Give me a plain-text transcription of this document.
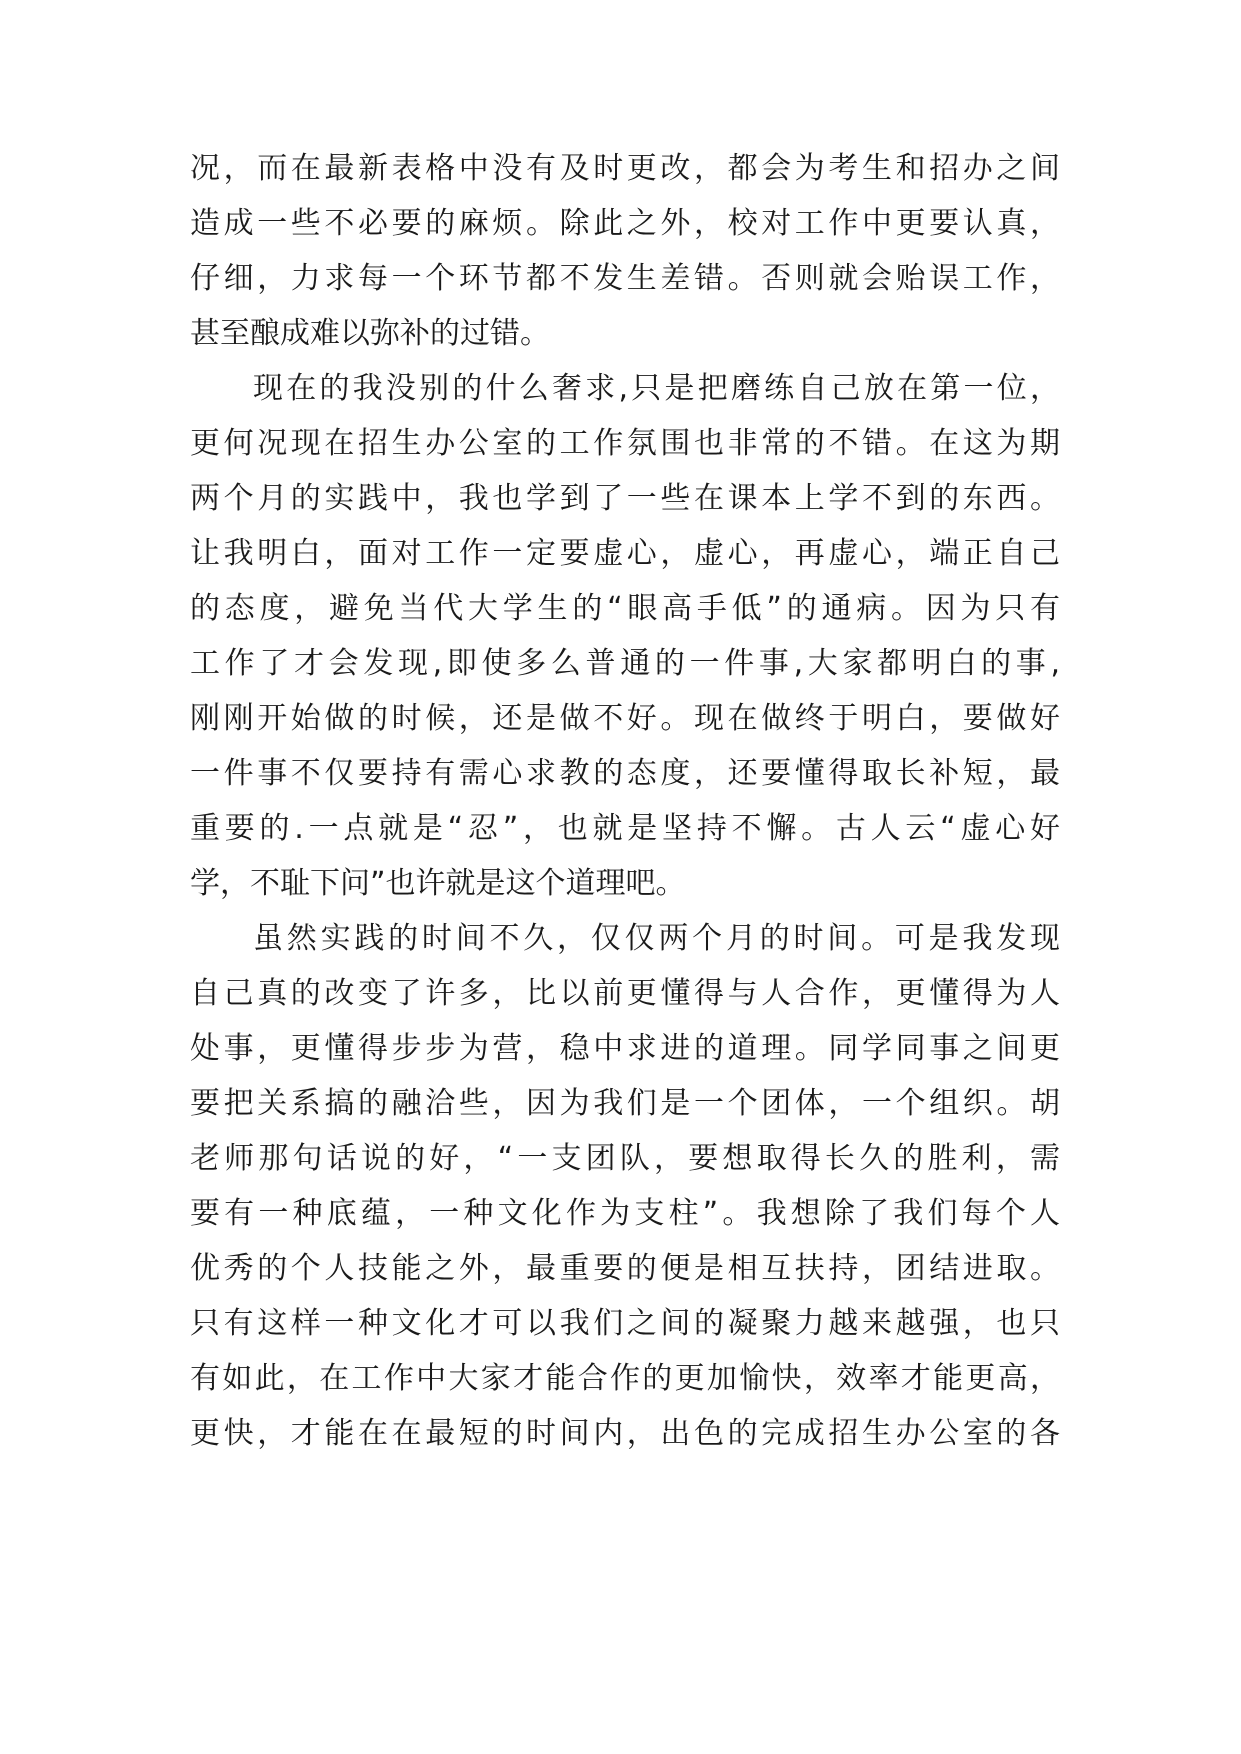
况，而在最新表格中没有及时更改，都会为考生和招办之间
造成一些不必要的麻烦。除此之外，校对工作中更要认真，
仔细，力求每一个环节都不发生差错。否则就会贻误工作，
甚至酿成难以弥补的过错。
现在的我没别的什么奢求,只是把磨练自己放在第一位，
更何况现在招生办公室的工作氛围也非常的不错。在这为期
两个月的实践中，我也学到了一些在课本上学不到的东西。
让我明白，面对工作一定要虚心，虚心，再虚心，端正自己
的态度，避免当代大学生的“眼高手低”的通病。因为只有
工作了才会发现,即使多么普通的一件事,大家都明白的事,
刚刚开始做的时候，还是做不好。现在做终于明白，要做好
一件事不仅要持有需心求教的态度，还要懂得取长补短，最
重要的.一点就是“忍”，也就是坚持不懈。古人云“虚心好
学，不耻下问”也许就是这个道理吧。
虽然实践的时间不久，仅仅两个月的时间。可是我发现
自己真的改变了许多，比以前更懂得与人合作，更懂得为人
处事，更懂得步步为营，稳中求进的道理。同学同事之间更
要把关系搞的融洽些，因为我们是一个团体，一个组织。胡
老师那句话说的好，“一支团队，要想取得长久的胜利，需
要有一种底蕴，一种文化作为支柱”。我想除了我们每个人
优秀的个人技能之外，最重要的便是相互扶持，团结进取。
只有这样一种文化才可以我们之间的凝聚力越来越强，也只
有如此，在工作中大家才能合作的更加愉快，效率才能更高，
更快，才能在在最短的时间内，出色的完成招生办公室的各
